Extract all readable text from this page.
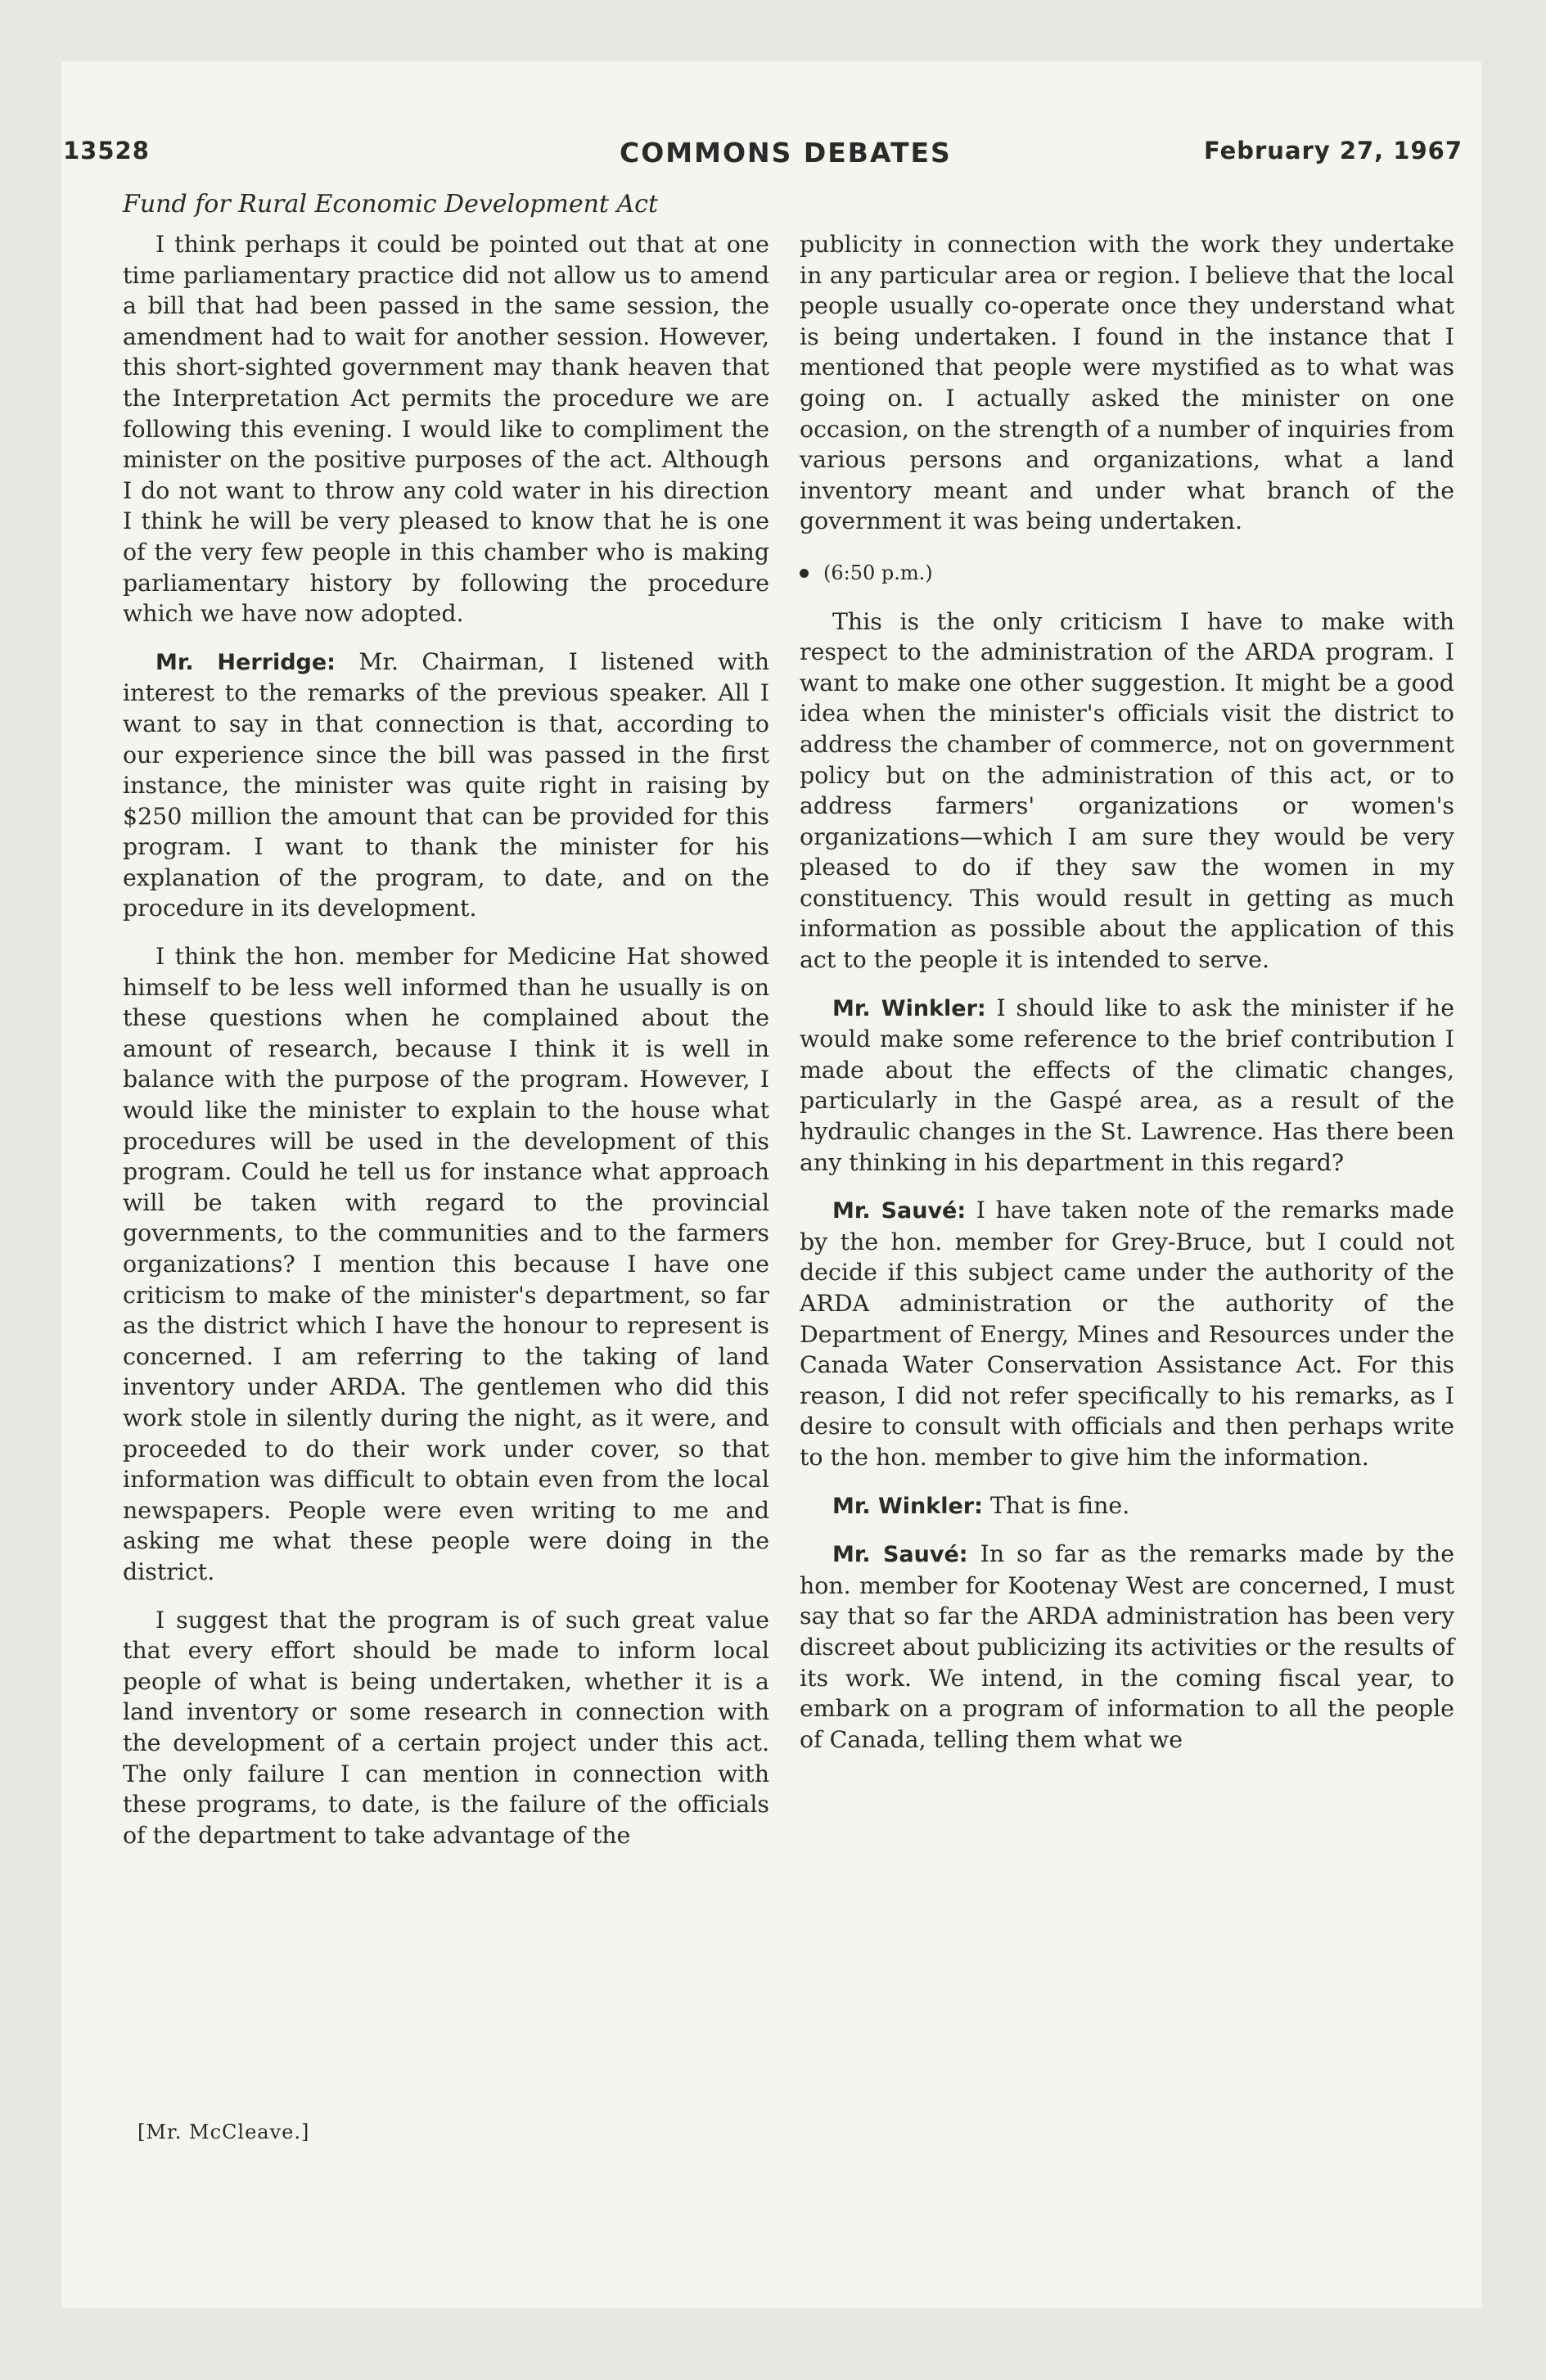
13528	COMMONS DEBATES	February 27, 1967
Fund for Rural Economic Development Act

I think perhaps it could be pointed out that at one time parliamentary practice did not allow us to amend a bill that had been passed in the same session, the amendment had to wait for another session. However, this short-sighted government may thank heaven that the Interpretation Act permits the procedure we are following this evening. I would like to compliment the minister on the positive purposes of the act. Although I do not want to throw any cold water in his direction I think he will be very pleased to know that he is one of the very few people in this chamber who is making parliamentary history by following the procedure which we have now adopted.

Mr. Herridge: Mr. Chairman, I listened with interest to the remarks of the previous speaker. All I want to say in that connection is that, according to our experience since the bill was passed in the first instance, the minister was quite right in raising by $250 million the amount that can be provided for this program. I want to thank the minister for his explanation of the program, to date, and on the procedure in its development.

I think the hon. member for Medicine Hat showed himself to be less well informed than he usually is on these questions when he complained about the amount of research, because I think it is well in balance with the purpose of the program. However, I would like the minister to explain to the house what procedures will be used in the development of this program. Could he tell us for instance what approach will be taken with regard to the provincial governments, to the communities and to the farmers organizations? I mention this because I have one criticism to make of the minister's department, so far as the district which I have the honour to represent is concerned. I am referring to the taking of land inventory under ARDA. The gentlemen who did this work stole in silently during the night, as it were, and proceeded to do their work under cover, so that information was difficult to obtain even from the local newspapers. People were even writing to me and asking me what these people were doing in the district.

I suggest that the program is of such great value that every effort should be made to inform local people of what is being undertaken, whether it is a land inventory or some research in connection with the development of a certain project under this act. The only failure I can mention in connection with these programs, to date, is the failure of the officials of the department to take advantage of the

[Mr. McCleave.]

publicity in connection with the work they undertake in any particular area or region. I believe that the local people usually co-operate once they understand what is being undertaken. I found in the instance that I mentioned that people were mystified as to what was going on. I actually asked the minister on one occasion, on the strength of a number of inquiries from various persons and organizations, what a land inventory meant and under what branch of the government it was being undertaken.

(6:50 p.m.)

This is the only criticism I have to make with respect to the administration of the ARDA program. I want to make one other suggestion. It might be a good idea when the minister's officials visit the district to address the chamber of commerce, not on government policy but on the administration of this act, or to address farmers' organizations or women's organizations—which I am sure they would be very pleased to do if they saw the women in my constituency. This would result in getting as much information as possible about the application of this act to the people it is intended to serve.

Mr. Winkler: I should like to ask the minister if he would make some reference to the brief contribution I made about the effects of the climatic changes, particularly in the Gaspé area, as a result of the hydraulic changes in the St. Lawrence. Has there been any thinking in his department in this regard?

Mr. Sauvé: I have taken note of the remarks made by the hon. member for Grey-Bruce, but I could not decide if this subject came under the authority of the ARDA administration or the authority of the Department of Energy, Mines and Resources under the Canada Water Conservation Assistance Act. For this reason, I did not refer specifically to his remarks, as I desire to consult with officials and then perhaps write to the hon. member to give him the information.

Mr. Winkler: That is fine.

Mr. Sauvé: In so far as the remarks made by the hon. member for Kootenay West are concerned, I must say that so far the ARDA administration has been very discreet about publicizing its activities or the results of its work. We intend, in the coming fiscal year, to embark on a program of information to all the people of Canada, telling them what we
